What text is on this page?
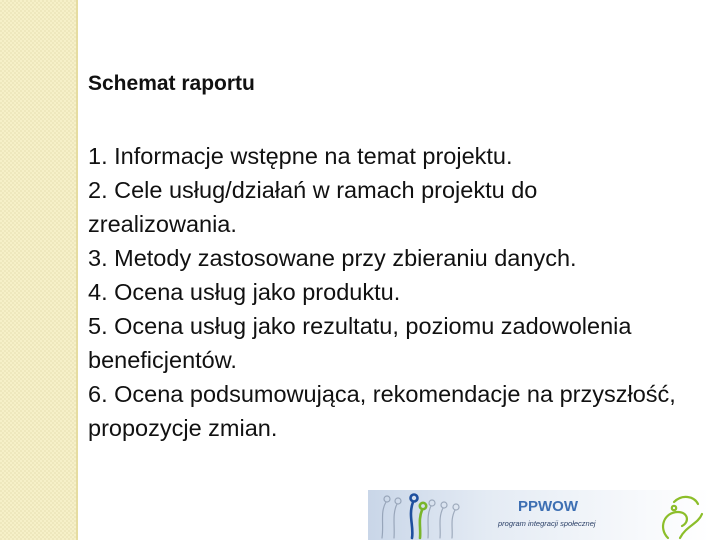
Schemat raportu
1. Informacje wstępne na temat projektu.
2. Cele usług/działań w ramach projektu do zrealizowania.
3. Metody zastosowane przy zbieraniu danych.
4. Ocena usług jako produktu.
5. Ocena usług jako rezultatu, poziomu zadowolenia beneficjentów.
6. Ocena podsumowująca, rekomendacje na przyszłość, propozycje zmian.
PPWOW
program integracji społecznej
